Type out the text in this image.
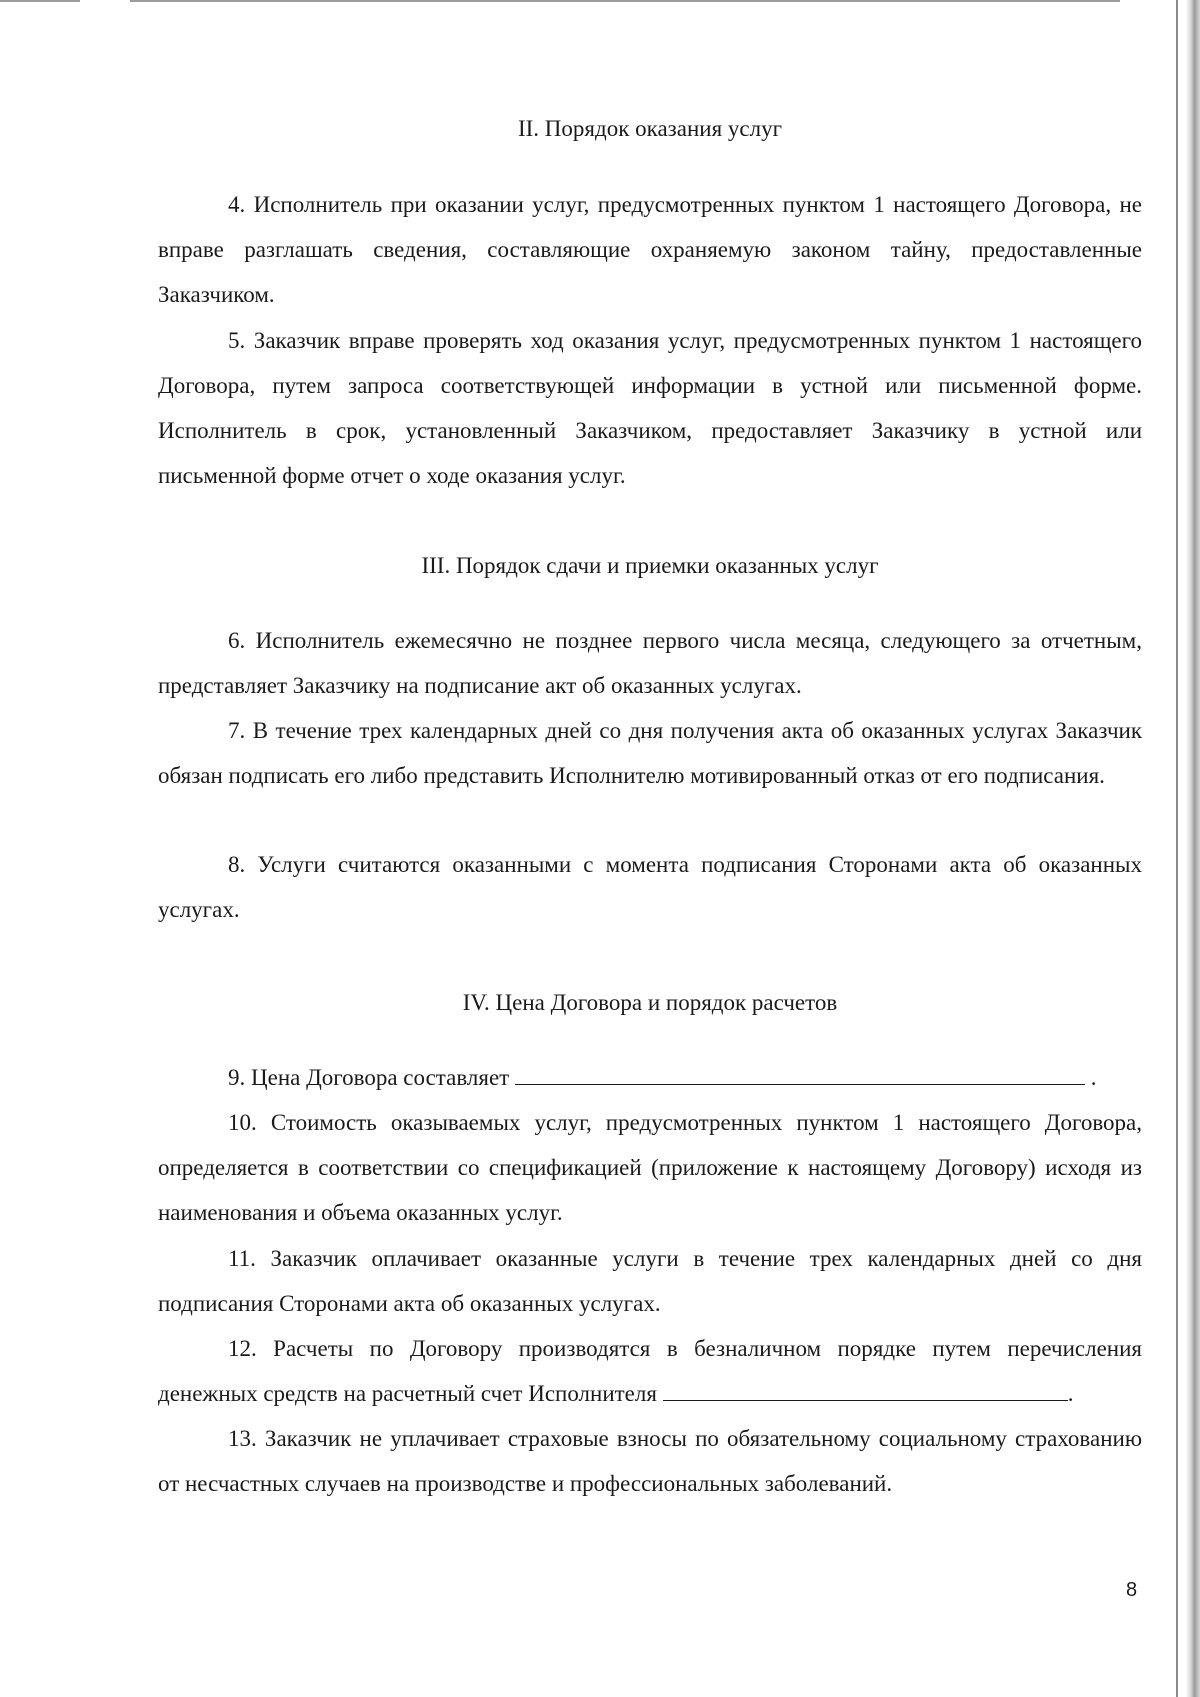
II. Порядок оказания услуг

4. Исполнитель при оказании услуг, предусмотренных пунктом 1 настоящего Договора, не вправе разглашать сведения, составляющие охраняемую законом тайну, предоставленные Заказчиком.

5. Заказчик вправе проверять ход оказания услуг, предусмотренных пунктом 1 настоящего Договора, путем запроса соответствующей информации в устной или письменной форме. Исполнитель в срок, установленный Заказчиком, предоставляет Заказчику в устной или письменной форме отчет о ходе оказания услуг.

III. Порядок сдачи и приемки оказанных услуг

6. Исполнитель ежемесячно не позднее первого числа месяца, следующего за отчетным, представляет Заказчику на подписание акт об оказанных услугах.

7. В течение трех календарных дней со дня получения акта об оказанных услугах Заказчик обязан подписать его либо представить Исполнителю мотивированный отказ от его подписания.

8. Услуги считаются оказанными с момента подписания Сторонами акта об оказанных услугах.

IV. Цена Договора и порядок расчетов

9. Цена Договора составляет	.

10. Стоимость оказываемых услуг, предусмотренных пунктом 1 настоящего Договора, определяется в соответствии со спецификацией (приложение к настоящему Договору) исходя из наименования и объема оказанных услуг.

11. Заказчик оплачивает оказанные услуги в течение трех календарных дней со дня подписания Сторонами акта об оказанных услугах.

12. Расчеты по Договору производятся в безналичном порядке путем перечисления денежных средств на расчетный счет Исполнителя	.

13. Заказчик не уплачивает страховые взносы по обязательному социальному страхованию от несчастных случаев на производстве и профессиональных заболеваний.

8
